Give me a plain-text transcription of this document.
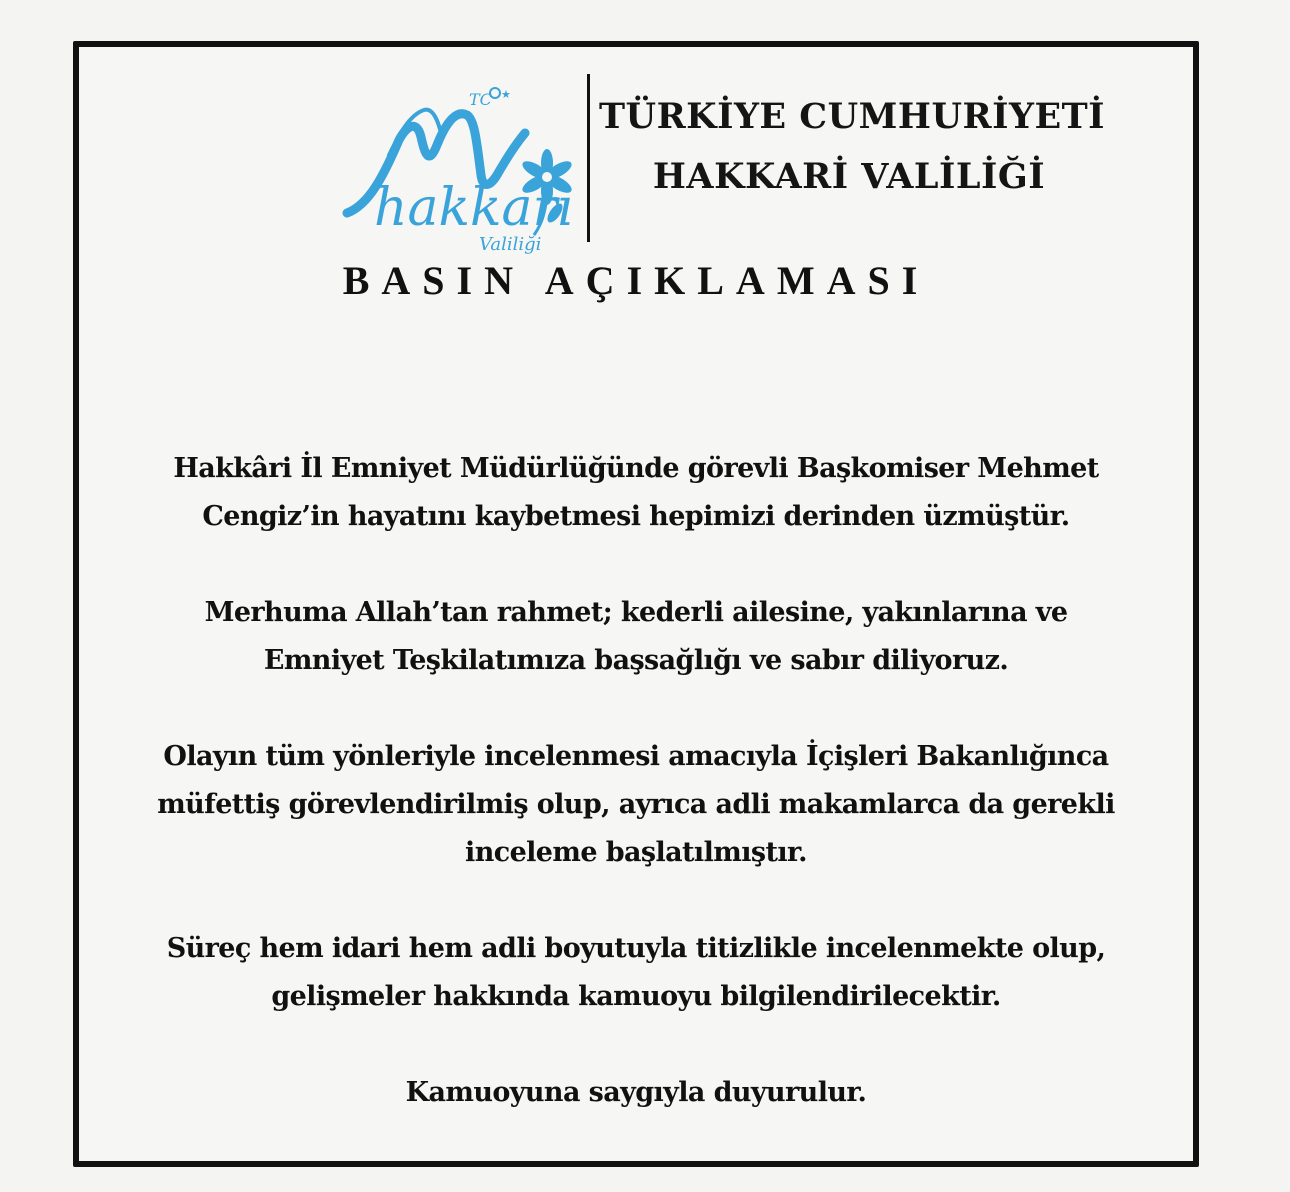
★
TC
hakkari
Valiliği
TÜRKİYE CUMHURİYETİ
HAKKARİ VALİLİĞİ
BASIN AÇIKLAMASI
Hakkâri İl Emniyet Müdürlüğünde görevli Başkomiser Mehmet
Cengiz’in hayatını kaybetmesi hepimizi derinden üzmüştür.
Merhuma Allah’tan rahmet; kederli ailesine, yakınlarına ve
Emniyet Teşkilatımıza başsağlığı ve sabır diliyoruz.
Olayın tüm yönleriyle incelenmesi amacıyla İçişleri Bakanlığınca
müfettiş görevlendirilmiş olup, ayrıca adli makamlarca da gerekli
inceleme başlatılmıştır.
Süreç hem idari hem adli boyutuyla titizlikle incelenmekte olup,
gelişmeler hakkında kamuoyu bilgilendirilecektir.
Kamuoyuna saygıyla duyurulur.
